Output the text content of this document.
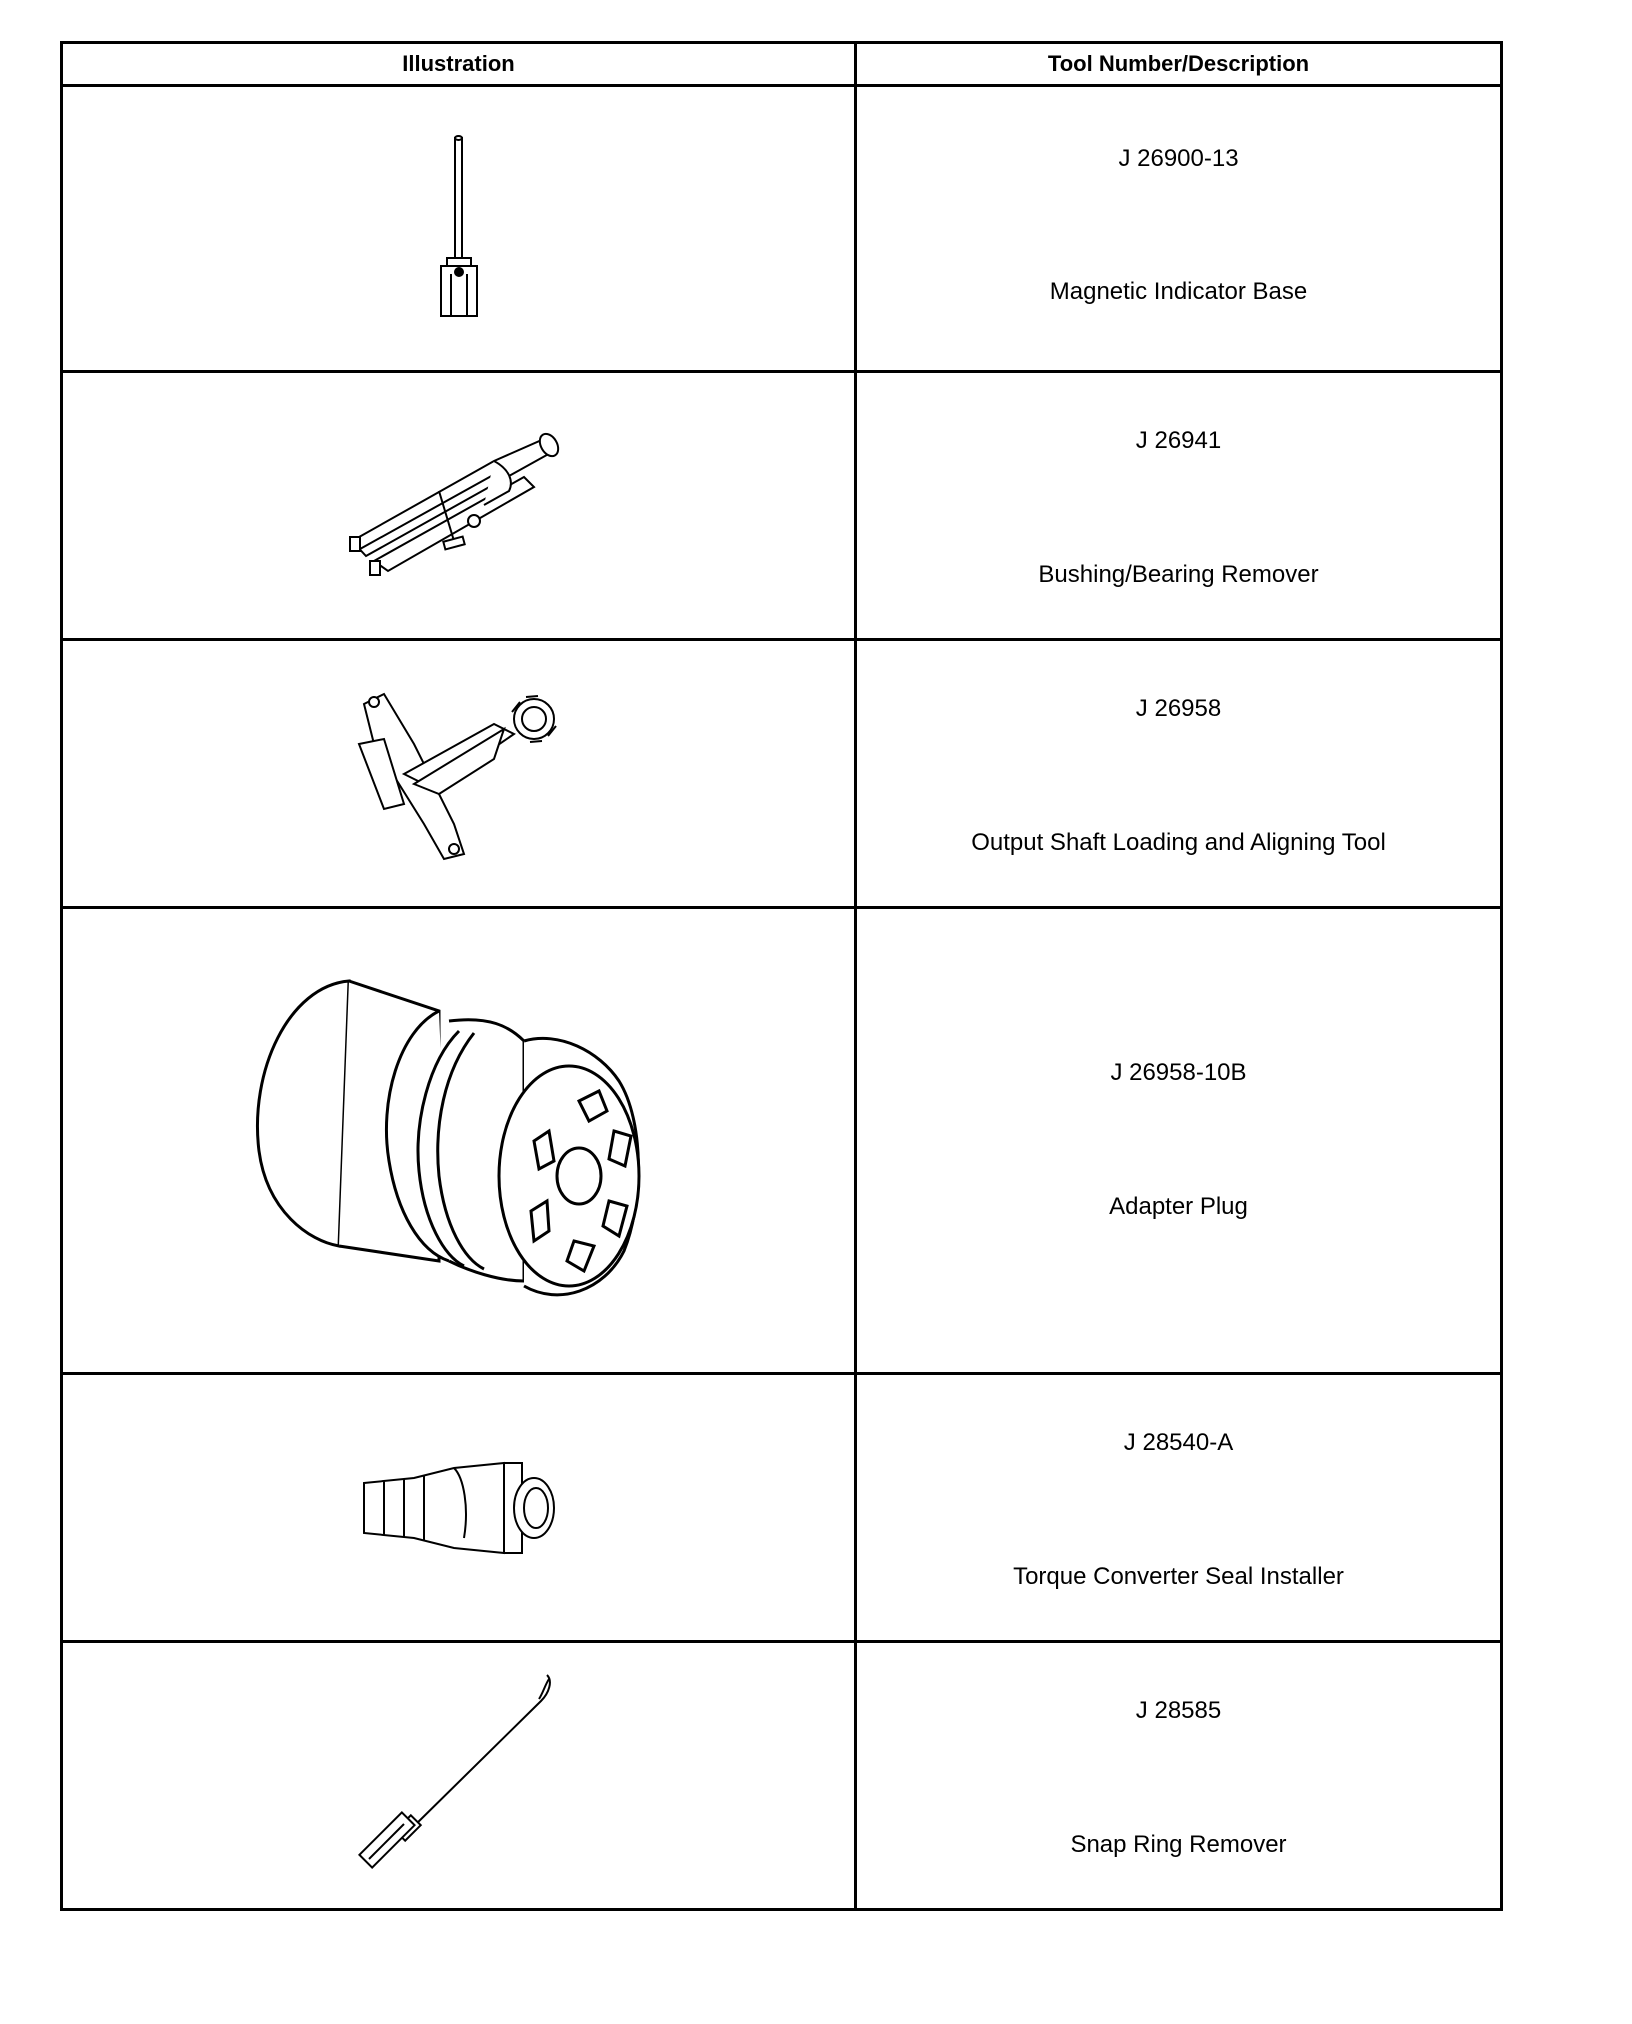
Illustration	Tool Number/Description

J 26900-13
Magnetic Indicator Base

J 26941
Bushing/Bearing Remover

J 26958
Output Shaft Loading and Aligning Tool

J 26958-10B
Adapter Plug

J 28540-A
Torque Converter Seal Installer

J 28585
Snap Ring Remover
